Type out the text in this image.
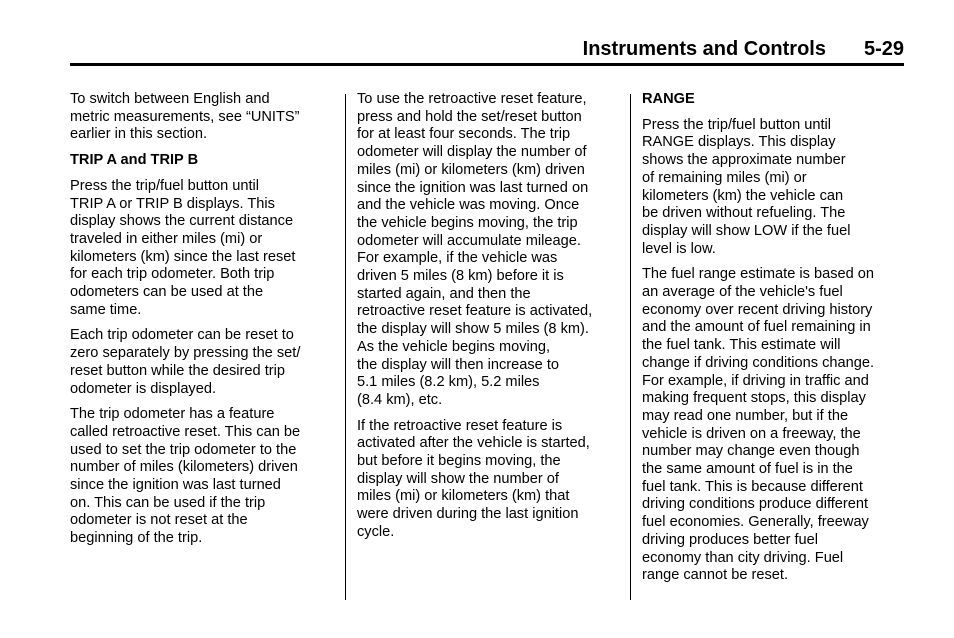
Instruments and Controls 5-29

To switch between English and
metric measurements, see “UNITS”
earlier in this section.

TRIP A and TRIP B

Press the trip/fuel button until
TRIP A or TRIP B displays. This
display shows the current distance
traveled in either miles (mi) or
kilometers (km) since the last reset
for each trip odometer. Both trip
odometers can be used at the
same time.

Each trip odometer can be reset to
zero separately by pressing the set/
reset button while the desired trip
odometer is displayed.

The trip odometer has a feature
called retroactive reset. This can be
used to set the trip odometer to the
number of miles (kilometers) driven
since the ignition was last turned
on. This can be used if the trip
odometer is not reset at the
beginning of the trip.

To use the retroactive reset feature,
press and hold the set/reset button
for at least four seconds. The trip
odometer will display the number of
miles (mi) or kilometers (km) driven
since the ignition was last turned on
and the vehicle was moving. Once
the vehicle begins moving, the trip
odometer will accumulate mileage.
For example, if the vehicle was
driven 5 miles (8 km) before it is
started again, and then the
retroactive reset feature is activated,
the display will show 5 miles (8 km).
As the vehicle begins moving,
the display will then increase to
5.1 miles (8.2 km), 5.2 miles
(8.4 km), etc.

If the retroactive reset feature is
activated after the vehicle is started,
but before it begins moving, the
display will show the number of
miles (mi) or kilometers (km) that
were driven during the last ignition
cycle.

RANGE

Press the trip/fuel button until
RANGE displays. This display
shows the approximate number
of remaining miles (mi) or
kilometers (km) the vehicle can
be driven without refueling. The
display will show LOW if the fuel
level is low.

The fuel range estimate is based on
an average of the vehicle's fuel
economy over recent driving history
and the amount of fuel remaining in
the fuel tank. This estimate will
change if driving conditions change.
For example, if driving in traffic and
making frequent stops, this display
may read one number, but if the
vehicle is driven on a freeway, the
number may change even though
the same amount of fuel is in the
fuel tank. This is because different
driving conditions produce different
fuel economies. Generally, freeway
driving produces better fuel
economy than city driving. Fuel
range cannot be reset.
